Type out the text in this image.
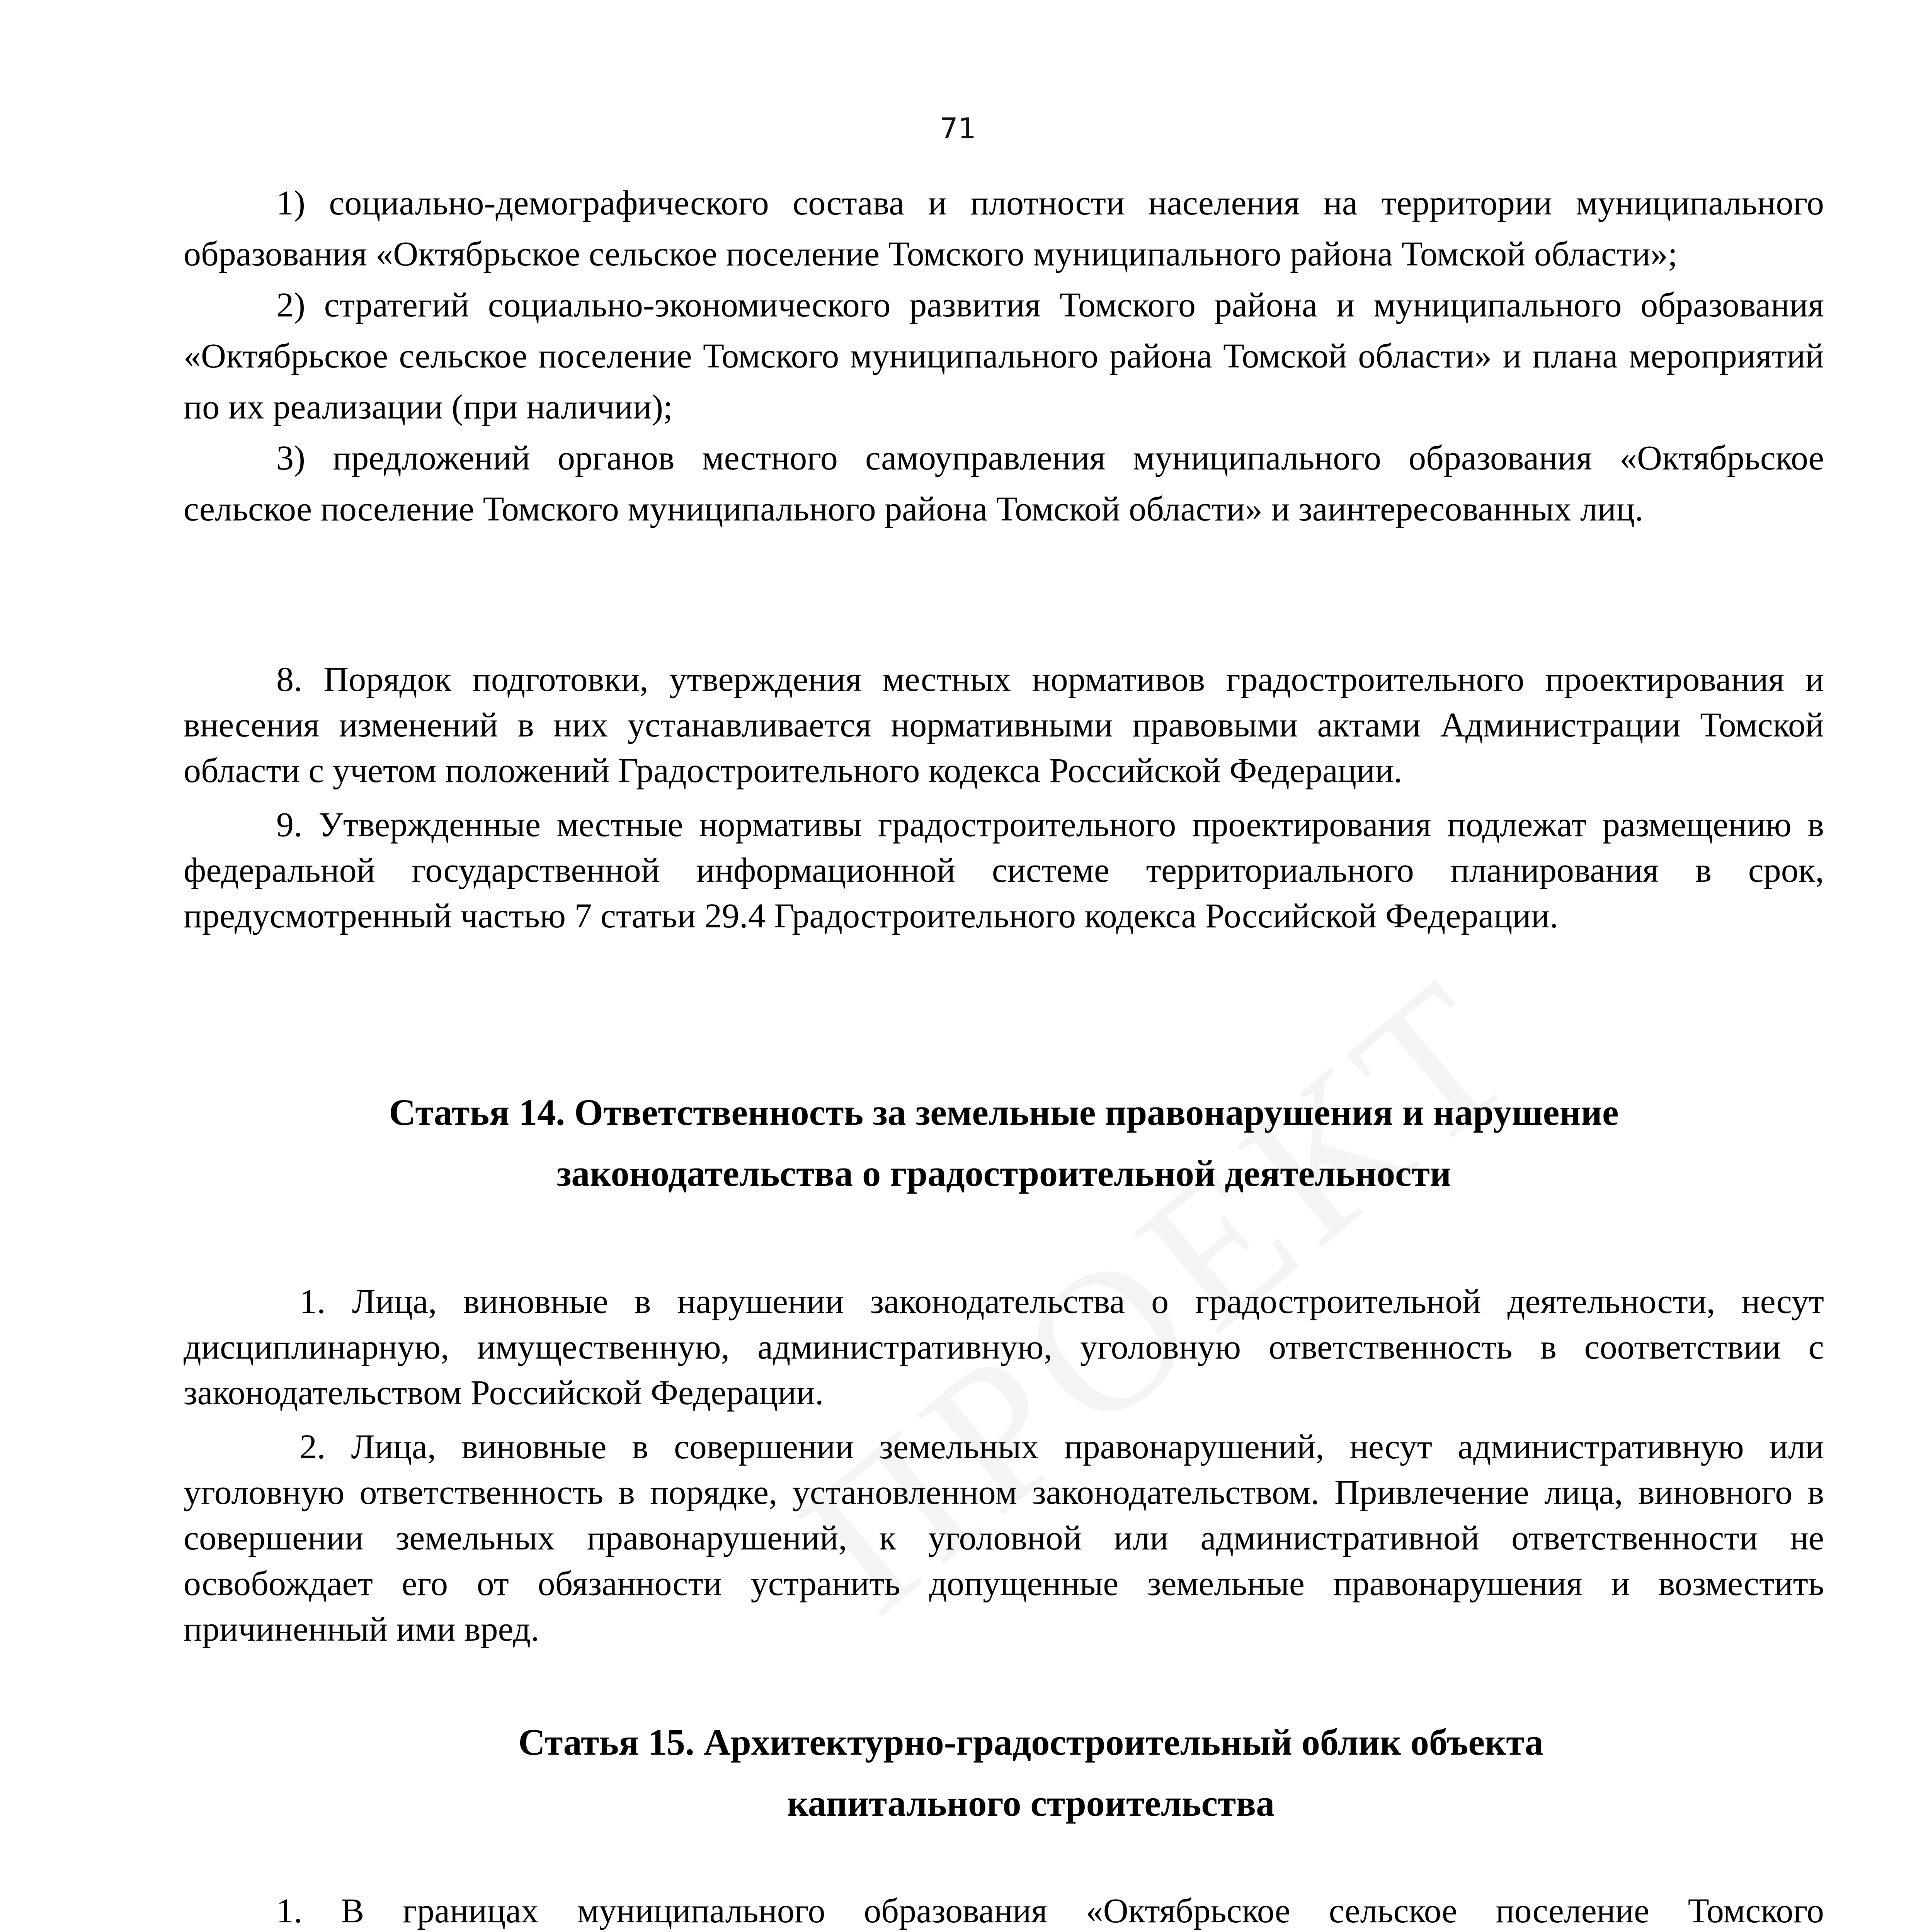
71

1) социально-демографического состава и плотности населения на территории муниципального образования «Октябрьское сельское поселение Томского муниципального района Томской области»;

2) стратегий социально-экономического развития Томского района и муниципального образования «Октябрьское сельское поселение Томского муниципального района Томской области» и плана мероприятий по их реализации (при наличии);

3) предложений органов местного самоуправления муниципального образования «Октябрьское сельское поселение Томского муниципального района Томской области» и заинтересованных лиц.

8. Порядок подготовки, утверждения местных нормативов градостроительного проектирования и внесения изменений в них устанавливается нормативными правовыми актами Администрации Томской области с учетом положений Градостроительного кодекса Российской Федерации.

9. Утвержденные местные нормативы градостроительного проектирования подлежат размещению в федеральной государственной информационной системе территориального планирования в срок, предусмотренный частью 7 статьи 29.4 Градостроительного кодекса Российской Федерации.

Статья 14. Ответственность за земельные правонарушения и нарушение
законодательства о градостроительной деятельности

1. Лица, виновные в нарушении законодательства о градостроительной деятельности, несут дисциплинарную, имущественную, административную, уголовную ответственность в соответствии с законодательством Российской Федерации.

2. Лица, виновные в совершении земельных правонарушений, несут административную или уголовную ответственность в порядке, установленном законодательством. Привлечение лица, виновного в совершении земельных правонарушений, к уголовной или административной ответственности не освобождает его от обязанности устранить допущенные земельные правонарушения и возместить причиненный ими вред.

Статья 15. Архитектурно-градостроительный облик объекта
капитального строительства

1. В границах муниципального образования «Октябрьское сельское поселение Томского
